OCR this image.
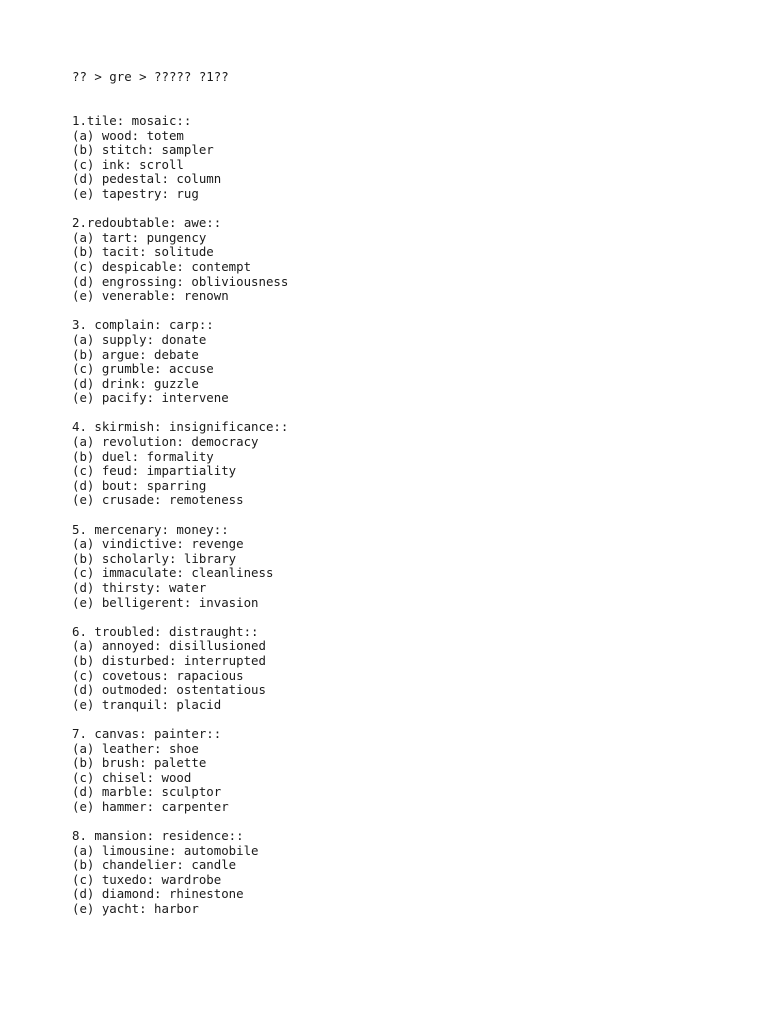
?? > gre > ????? ?1??
1.tile: mosaic::
(a) wood: totem
(b) stitch: sampler
(c) ink: scroll
(d) pedestal: column
(e) tapestry: rug
2.redoubtable: awe::
(a) tart: pungency
(b) tacit: solitude
(c) despicable: contempt
(d) engrossing: obliviousness
(e) venerable: renown
3. complain: carp::
(a) supply: donate
(b) argue: debate
(c) grumble: accuse
(d) drink: guzzle
(e) pacify: intervene
4. skirmish: insignificance::
(a) revolution: democracy
(b) duel: formality
(c) feud: impartiality
(d) bout: sparring
(e) crusade: remoteness
5. mercenary: money::
(a) vindictive: revenge
(b) scholarly: library
(c) immaculate: cleanliness
(d) thirsty: water
(e) belligerent: invasion
6. troubled: distraught::
(a) annoyed: disillusioned
(b) disturbed: interrupted
(c) covetous: rapacious
(d) outmoded: ostentatious
(e) tranquil: placid
7. canvas: painter::
(a) leather: shoe
(b) brush: palette
(c) chisel: wood
(d) marble: sculptor
(e) hammer: carpenter
8. mansion: residence::
(a) limousine: automobile
(b) chandelier: candle
(c) tuxedo: wardrobe
(d) diamond: rhinestone
(e) yacht: harbor
